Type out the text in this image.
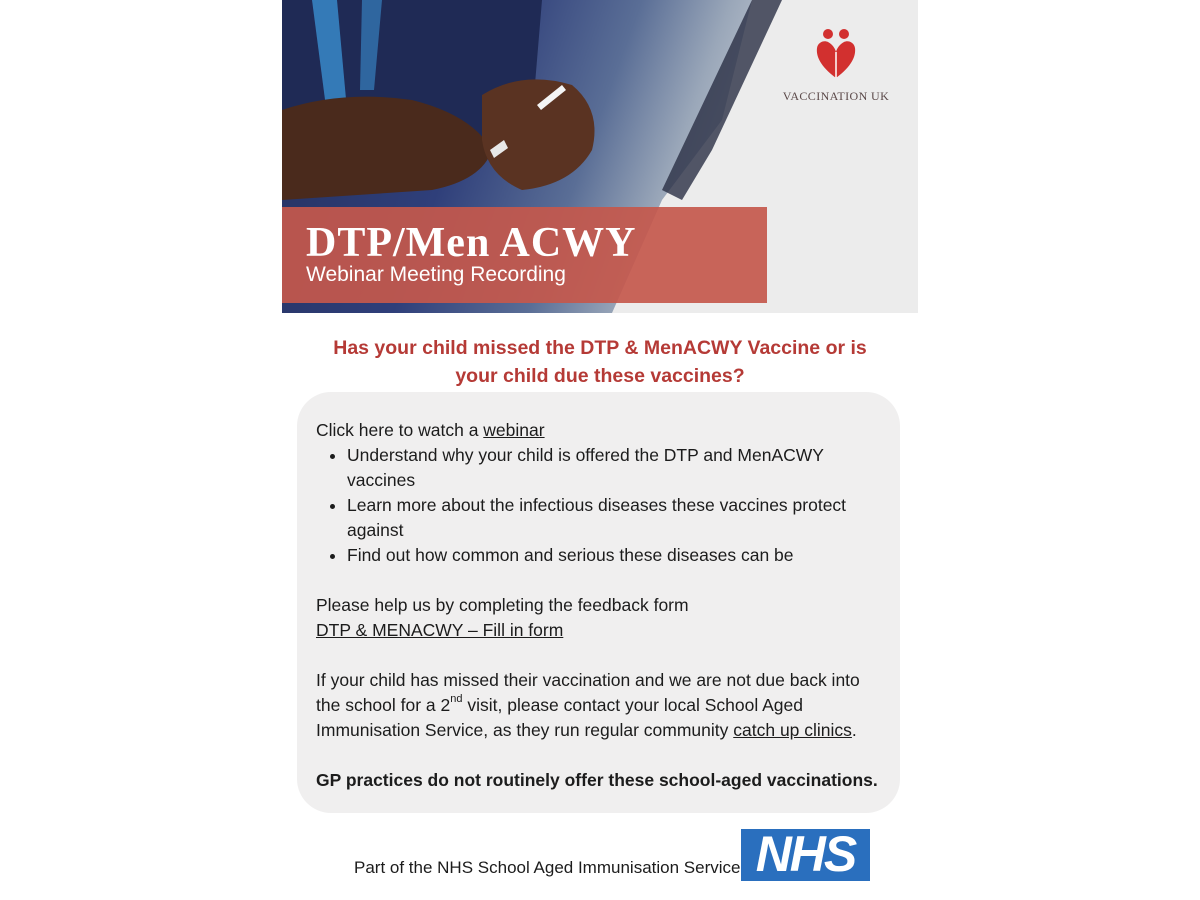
VACCINATION UK
DTP/Men ACWY
Webinar Meeting Recording
Has your child missed the DTP & MenACWY Vaccine or is
your child due these vaccines?

Click here to watch a webinar

• Understand why your child is offered the DTP and MenACWY vaccines
• Learn more about the infectious diseases these vaccines protect against
• Find out how common and serious these diseases can be

Please help us by completing the feedback form

DTP & MENACWY – Fill in form

If your child has missed their vaccination and we are not due back into the school for a 2nd visit, please contact your local School Aged Immunisation Service, as they run regular community catch up clinics.

GP practices do not routinely offer these school-aged vaccinations.

Part of the NHS School Aged Immunisation Service NHS
